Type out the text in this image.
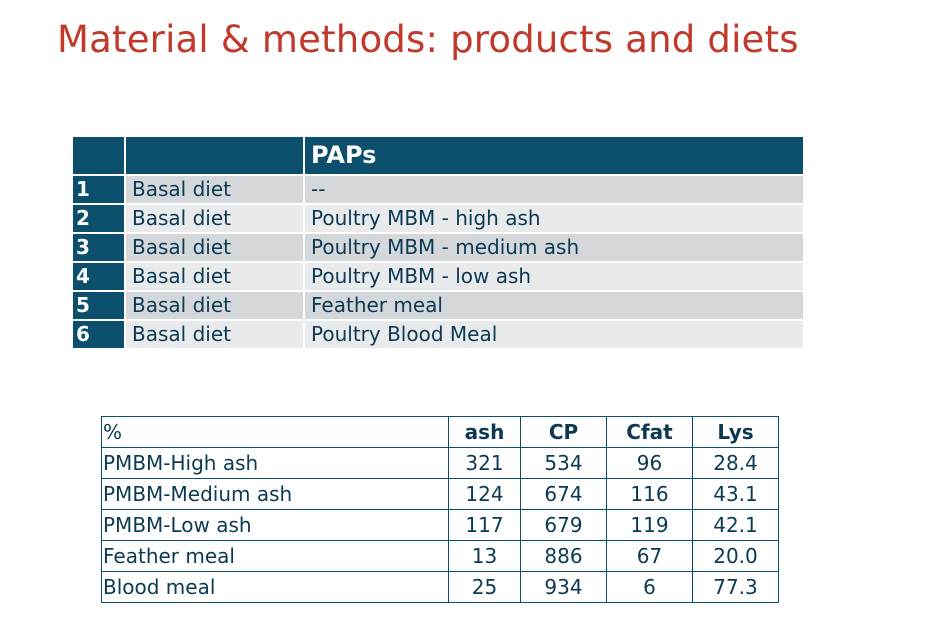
Material & methods: products and diets
		PAPs
1	Basal diet	--
2	Basal diet	Poultry MBM - high ash
3	Basal diet	Poultry MBM - medium ash
4	Basal diet	Poultry MBM - low ash
5	Basal diet	Feather meal
6	Basal diet	Poultry Blood Meal
%	ash	CP	Cfat	Lys
PMBM-High ash	321	534	96	28.4
PMBM-Medium ash	124	674	116	43.1
PMBM-Low ash	117	679	119	42.1
Feather meal	13	886	67	20.0
Blood meal	25	934	6	77.3
